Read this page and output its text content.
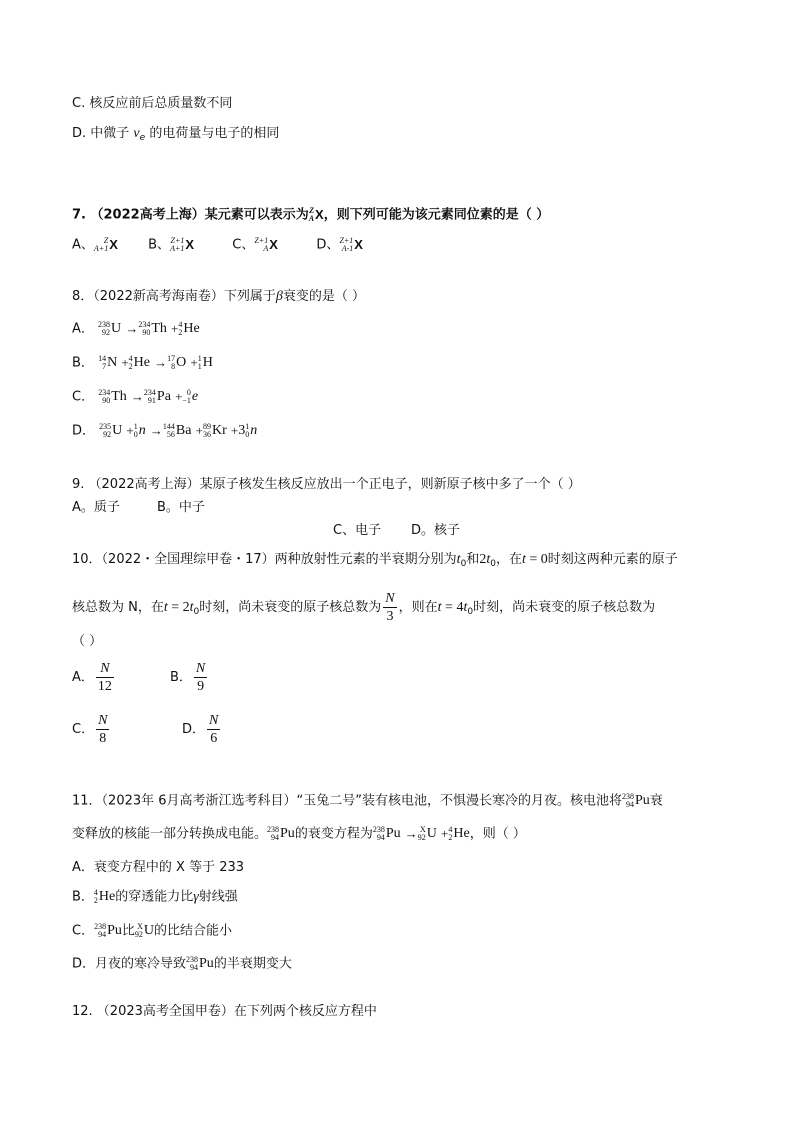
C. 核反应前后总质量数不同
D. 中微子 $\nu_e$ 的电荷量与电子的相同
7. （2022高考上海）某元素可以表示为 Z
A X，则下列可能为该元素同位素的是（ ）
A、	Z
A+1 X B、 Z+1
A+1 X	C、 Z+1
A X	D、 Z+1
A-1 X
8．（2022新高考海南卷）下列属于β衰变的是（ ）
A． 238
92 U → 234
90 Th + 4
2 He
B． 14
7 N + 4
2 He → 17
8 O + 1
1 H
C． 234
90 Th → 234
91 Pa + 0
−1 e
D． 235
92 U + 1
0 n → 144
56 Ba + 89
36 Kr +3 1
0 n
9. （2022高考上海）某原子核发生核反应放出一个正电子，则新原子核中多了一个（ ）
A。质子	B。中子
C、电子 D。核子
10．（2022・全国理综甲卷・17）两种放射性元素的半衰期分别为$t_0$和$2t_0$，在t = 0时刻这两种元素的原子
核总数为 N，在$t = 2t_0$时刻，尚未衰变的原子核总数为 $\frac{N}{3}$ ，则在$t = 4t_0$时刻，尚未衰变的原子核总数为
（ ）
A． $\frac{N}{12}$	B． $\frac{N}{9}$
C． $\frac{N}{8}$	D． $\frac{N}{6}$
11．（2023年 6月高考浙江选考科目）“玉兔二号”装有核电池，不惧漫长寒冷的月夜。核电池将 238
94 Pu衰
变释放的核能一部分转换成电能。 238
94 Pu的衰变方程为 238
94 Pu → X
92 U + 4
2 He，则（ ）
A．衰变方程中的 X 等于 233
B． 4
2 He的穿透能力比γ射线强
C． 238
94 Pu比 X
92 U的比结合能小
D．月夜的寒冷导致 238
94 Pu的半衰期变大
12. （2023高考全国甲卷）在下列两个核反应方程中
